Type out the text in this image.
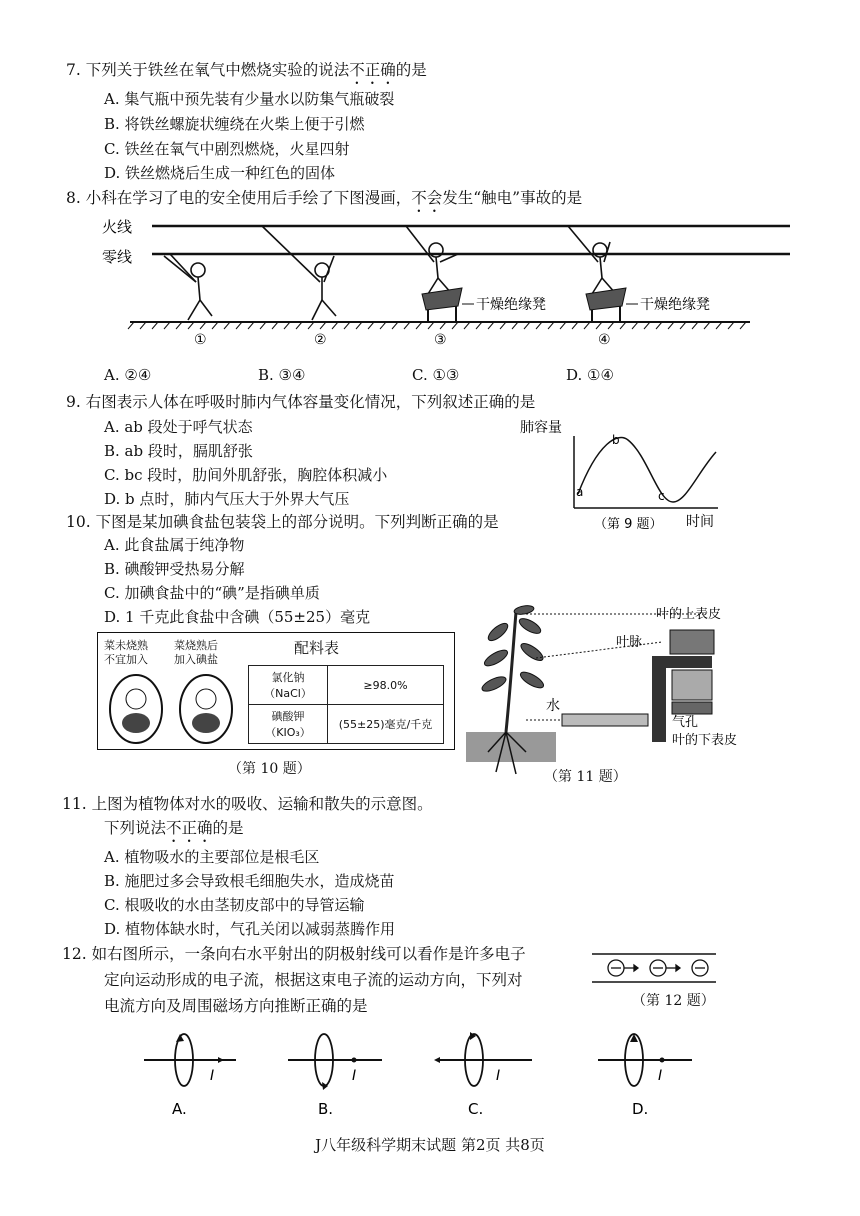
7. 下列关于铁丝在氧气中燃烧实验的说法不正确的是
A. 集气瓶中预先装有少量水以防集气瓶破裂
B. 将铁丝螺旋状缠绕在火柴上便于引燃
C. 铁丝在氧气中剧烈燃烧，火星四射
D. 铁丝燃烧后生成一种红色的固体
8. 小科在学习了电的安全使用后手绘了下图漫画，不会发生“触电”事故的是
火线
零线
干燥绝缘凳	干燥绝缘凳
①	②	③	④
A. ②④	B. ③④	C. ①③	D. ①④
9. 右图表示人体在呼吸时肺内气体容量变化情况，下列叙述正确的是
A. ab 段处于呼气状态
B. ab 段时，膈肌舒张
C. bc 段时，肋间外肌舒张，胸腔体积减小
D. b 点时，肺内气压大于外界大气压
肺容量
a
b
c
时间
（第 9 题）
10. 下图是某加碘食盐包装袋上的部分说明。下列判断正确的是
A. 此食盐属于纯净物
B. 碘酸钾受热易分解
C. 加碘食盐中的“碘”是指碘单质
D. 1 千克此食盐中含碘（55±25）毫克
菜未烧熟
不宜加入
菜烧熟后
加入碘盐
配料表
氯化钠
（NaCl）	≥98.0%
碘酸钾
（KIO₃）	(55±25)毫克/千克
（第 10 题）
水
叶的上表皮
叶脉
气孔
叶的下表皮
（第 11 题）
11. 上图为植物体对水的吸收、运输和散失的示意图。
下列说法不正确的是
A. 植物吸水的主要部位是根毛区
B. 施肥过多会导致根毛细胞失水，造成烧苗
C. 根吸收的水由茎韧皮部中的导管运输
D. 植物体缺水时，气孔关闭以减弱蒸腾作用
12. 如右图所示，一条向右水平射出的阴极射线可以看作是许多电子
定向运动形成的电子流，根据这束电子流的运动方向，下列对
电流方向及周围磁场方向推断正确的是	（第 12 题）
I
A.
I
B.
I
C.
I
D.
J八年级科学期末试题 第2页 共8页
